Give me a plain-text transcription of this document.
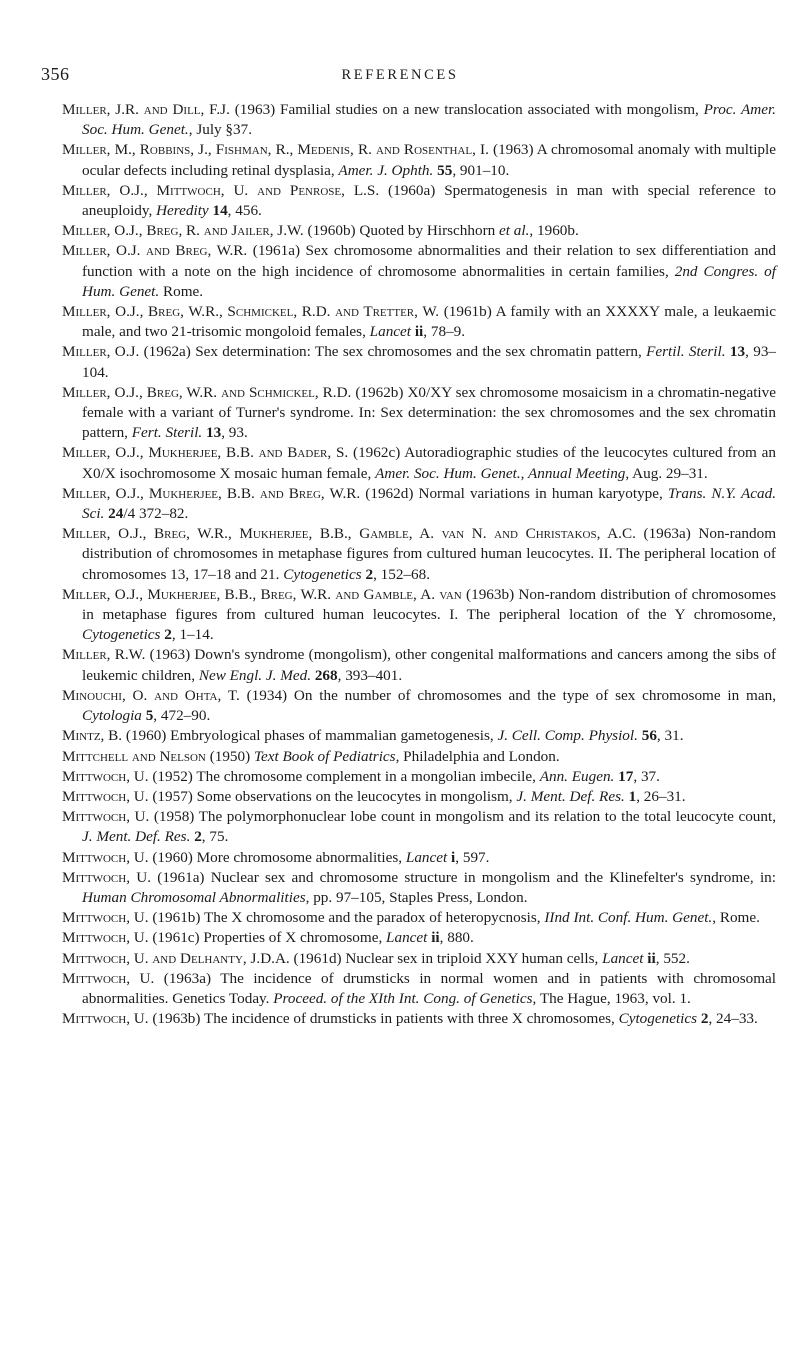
356	REFERENCES

Miller, J.R. and Dill, F.J. (1963) Familial studies on a new translocation associated with mongolism, Proc. Amer. Soc. Hum. Genet., July §37.

Miller, M., Robbins, J., Fishman, R., Medenis, R. and Rosenthal, I. (1963) A chromosomal anomaly with multiple ocular defects including retinal dysplasia, Amer. J. Ophth. 55, 901–10.

Miller, O.J., Mittwoch, U. and Penrose, L.S. (1960a) Spermatogenesis in man with special reference to aneuploidy, Heredity 14, 456.

Miller, O.J., Breg, R. and Jailer, J.W. (1960b) Quoted by Hirschhorn et al., 1960b.

Miller, O.J. and Breg, W.R. (1961a) Sex chromosome abnormalities and their relation to sex differentiation and function with a note on the high incidence of chromosome abnormalities in certain families, 2nd Congres. of Hum. Genet. Rome.

Miller, O.J., Breg, W.R., Schmickel, R.D. and Tretter, W. (1961b) A family with an XXXXY male, a leukaemic male, and two 21-trisomic mongoloid females, Lancet ii, 78–9.

Miller, O.J. (1962a) Sex determination: The sex chromosomes and the sex chromatin pattern, Fertil. Steril. 13, 93–104.

Miller, O.J., Breg, W.R. and Schmickel, R.D. (1962b) X0/XY sex chromosome mosaicism in a chromatin-negative female with a variant of Turner's syndrome. In: Sex determination: the sex chromosomes and the sex chromatin pattern, Fert. Steril. 13, 93.

Miller, O.J., Mukherjee, B.B. and Bader, S. (1962c) Autoradiographic studies of the leucocytes cultured from an X0/X isochromosome X mosaic human female, Amer. Soc. Hum. Genet., Annual Meeting, Aug. 29–31.

Miller, O.J., Mukherjee, B.B. and Breg, W.R. (1962d) Normal variations in human karyotype, Trans. N.Y. Acad. Sci. 24/4 372–82.

Miller, O.J., Breg, W.R., Mukherjee, B.B., Gamble, A. van N. and Christakos, A.C. (1963a) Non-random distribution of chromosomes in metaphase figures from cultured human leucocytes. II. The peripheral location of chromosomes 13, 17–18 and 21. Cytogenetics 2, 152–68.

Miller, O.J., Mukherjee, B.B., Breg, W.R. and Gamble, A. van (1963b) Non-random distribution of chromosomes in metaphase figures from cultured human leucocytes. I. The peripheral location of the Y chromosome, Cytogenetics 2, 1–14.

Miller, R.W. (1963) Down's syndrome (mongolism), other congenital malformations and cancers among the sibs of leukemic children, New Engl. J. Med. 268, 393–401.

Minouchi, O. and Ohta, T. (1934) On the number of chromosomes and the type of sex chromosome in man, Cytologia 5, 472–90.

Mintz, B. (1960) Embryological phases of mammalian gametogenesis, J. Cell. Comp. Physiol. 56, 31.

Mittchell and Nelson (1950) Text Book of Pediatrics, Philadelphia and London.

Mittwoch, U. (1952) The chromosome complement in a mongolian imbecile, Ann. Eugen. 17, 37.

Mittwoch, U. (1957) Some observations on the leucocytes in mongolism, J. Ment. Def. Res. 1, 26–31.

Mittwoch, U. (1958) The polymorphonuclear lobe count in mongolism and its relation to the total leucocyte count, J. Ment. Def. Res. 2, 75.

Mittwoch, U. (1960) More chromosome abnormalities, Lancet i, 597.

Mittwoch, U. (1961a) Nuclear sex and chromosome structure in mongolism and the Klinefelter's syndrome, in: Human Chromosomal Abnormalities, pp. 97–105, Staples Press, London.

Mittwoch, U. (1961b) The X chromosome and the paradox of heteropycnosis, IInd Int. Conf. Hum. Genet., Rome.

Mittwoch, U. (1961c) Properties of X chromosome, Lancet ii, 880.

Mittwoch, U. and Delhanty, J.D.A. (1961d) Nuclear sex in triploid XXY human cells, Lancet ii, 552.

Mittwoch, U. (1963a) The incidence of drumsticks in normal women and in patients with chromosomal abnormalities. Genetics Today. Proceed. of the XIth Int. Cong. of Genetics, The Hague, 1963, vol. 1.

Mittwoch, U. (1963b) The incidence of drumsticks in patients with three X chromosomes, Cytogenetics 2, 24–33.
